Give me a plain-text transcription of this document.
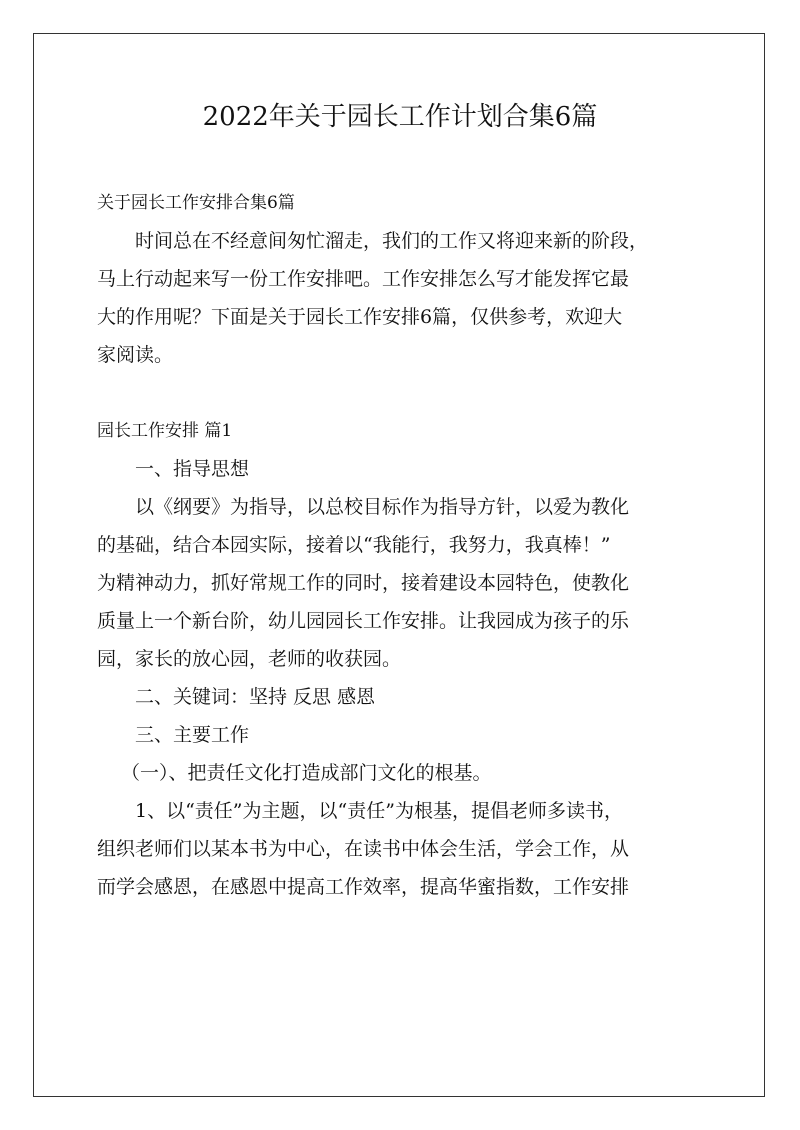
2022年关于园长工作计划合集6篇
关于园长工作安排合集6篇
时间总在不经意间匆忙溜走，我们的工作又将迎来新的阶段，
马上行动起来写一份工作安排吧。工作安排怎么写才能发挥它最
大的作用呢？下面是关于园长工作安排6篇，仅供参考，欢迎大
家阅读。
园长工作安排 篇1
一、指导思想
以《纲要》为指导，以总校目标作为指导方针，以爱为教化
的基础，结合本园实际，接着以“我能行，我努力，我真棒！”
为精神动力，抓好常规工作的同时，接着建设本园特色，使教化
质量上一个新台阶，幼儿园园长工作安排。让我园成为孩子的乐
园，家长的放心园，老师的收获园。
二、关键词：坚持 反思 感恩
三、主要工作
（一）、把责任文化打造成部门文化的根基。
1、以“责任”为主题，以“责任”为根基，提倡老师多读书，
组织老师们以某本书为中心，在读书中体会生活，学会工作，从
而学会感恩，在感恩中提高工作效率，提高华蜜指数，工作安排
